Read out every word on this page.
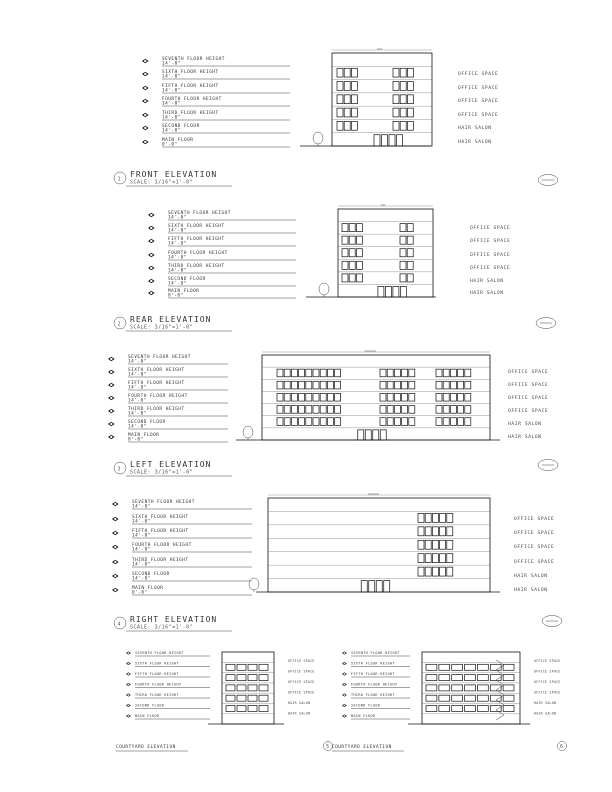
SEVENTH FLOOR HEIGHT
14'-0"
SIXTH FLOOR HEIGHT
14'-0"
FIFTH FLOOR HEIGHT
14'-0"
FOURTH FLOOR HEIGHT
14'-0"
THIRD FLOOR HEIGHT
14'-0"
SECOND FLOOR
14'-0"
MAIN FLOOR
0'-0"
OFFICE SPACE
OFFICE SPACE
OFFICE SPACE
OFFICE SPACE
HAIR SALON
HAIR SALON
1
FRONT ELEVATION
SCALE: 3/16"=1'-0"
SEVENTH FLOOR HEIGHT
14'-0"
SIXTH FLOOR HEIGHT
14'-0"
FIFTH FLOOR HEIGHT
14'-0"
FOURTH FLOOR HEIGHT
14'-0"
THIRD FLOOR HEIGHT
14'-0"
SECOND FLOOR
14'-0"
MAIN FLOOR
0'-0"
OFFICE SPACE
OFFICE SPACE
OFFICE SPACE
OFFICE SPACE
HAIR SALON
HAIR SALON
2
REAR ELEVATION
SCALE: 3/16"=1'-0"
SEVENTH FLOOR HEIGHT
14'-0"
SIXTH FLOOR HEIGHT
14'-0"
FIFTH FLOOR HEIGHT
14'-0"
FOURTH FLOOR HEIGHT
14'-0"
THIRD FLOOR HEIGHT
14'-0"
SECOND FLOOR
14'-0"
MAIN FLOOR
0'-0"
OFFICE SPACE
OFFICE SPACE
OFFICE SPACE
OFFICE SPACE
HAIR SALON
HAIR SALON
3
LEFT ELEVATION
SCALE: 3/16"=1'-0"
SEVENTH FLOOR HEIGHT
14'-0"
SIXTH FLOOR HEIGHT
14'-0"
FIFTH FLOOR HEIGHT
14'-0"
FOURTH FLOOR HEIGHT
14'-0"
THIRD FLOOR HEIGHT
14'-0"
SECOND FLOOR
14'-0"
MAIN FLOOR
0'-0"
OFFICE SPACE
OFFICE SPACE
OFFICE SPACE
OFFICE SPACE
HAIR SALON
HAIR SALON
4
RIGHT ELEVATION
SCALE: 3/16"=1'-0"
SEVENTH FLOOR HEIGHT
SIXTH FLOOR HEIGHT
FIFTH FLOOR HEIGHT
FOURTH FLOOR HEIGHT
THIRD FLOOR HEIGHT
SECOND FLOOR
MAIN FLOOR
OFFICE SPACE
OFFICE SPACE
OFFICE SPACE
OFFICE SPACE
HAIR SALON
HAIR SALON
COURTYARD ELEVATION	5
SEVENTH FLOOR HEIGHT
SIXTH FLOOR HEIGHT
FIFTH FLOOR HEIGHT
FOURTH FLOOR HEIGHT
THIRD FLOOR HEIGHT
SECOND FLOOR
MAIN FLOOR
OFFICE SPACE
OFFICE SPACE
OFFICE SPACE
OFFICE SPACE
HAIR SALON
HAIR SALON
COURTYARD ELEVATION	6
